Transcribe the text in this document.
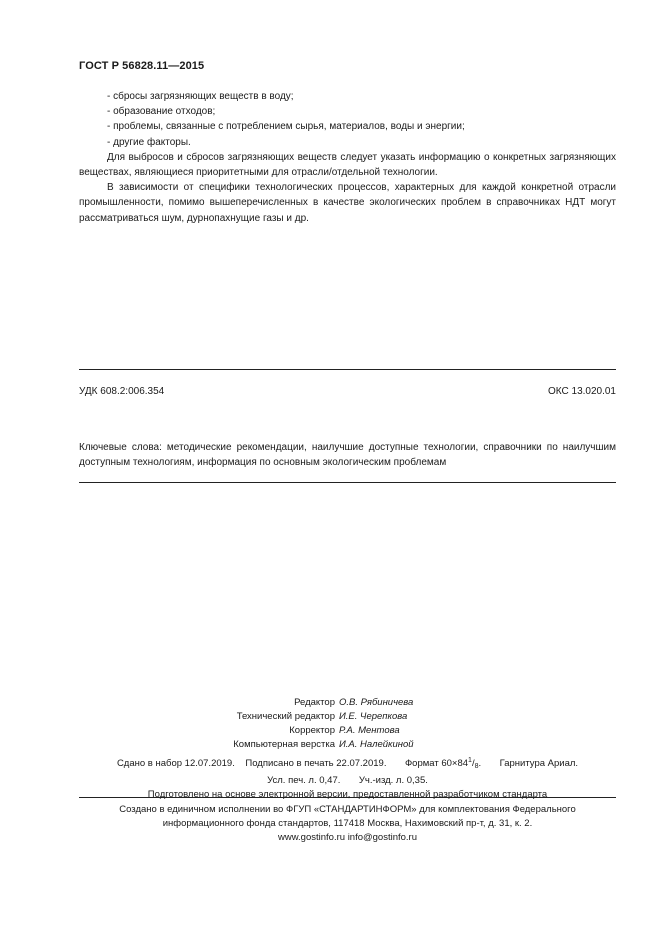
ГОСТ Р 56828.11—2015

- сбросы загрязняющих веществ в воду;

- образование отходов;

- проблемы, связанные с потреблением сырья, материалов, воды и энергии;

- другие факторы.

Для выбросов и сбросов загрязняющих веществ следует указать информацию о конкретных загрязняющих веществах, являющиеся приоритетными для отрасли/отдельной технологии.

В зависимости от специфики технологических процессов, характерных для каждой конкретной отрасли промышленности, помимо вышеперечисленных в качестве экологических проблем в справочниках НДТ могут рассматриваться шум, дурнопахнущие газы и др.

УДК 608.2:006.354	ОКС 13.020.01
Ключевые слова: методические рекомендации, наилучшие доступные технологии, справочники по наилучшим доступным технологиям, информация по основным экологическим проблемам
Редактор О.В. Рябиничева
Технический редактор И.Е. Черепкова
Корректор Р.А. Ментова
Компьютерная верстка И.А. Налейкиной
Сдано в набор 12.07.2019. Подписано в печать 22.07.2019. Формат $60\times 84^1/_8$. Гарнитура Ариал.
Усл. печ. л. 0,47. Уч.-изд. л. 0,35.
Подготовлено на основе электронной версии, предоставленной разработчиком стандарта
Создано в единичном исполнении во ФГУП «СТАНДАРТИНФОРМ» для комплектования Федерального
информационного фонда стандартов, 117418 Москва, Нахимовский пр-т, д. 31, к. 2.
www.gostinfo.ru info@gostinfo.ru
